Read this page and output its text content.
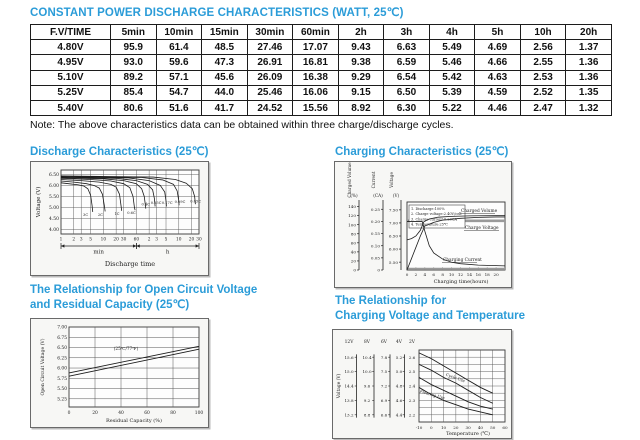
CONSTANT POWER DISCHARGE CHARACTERISTICS (WATT, 25℃)
F.V/TIME	5min	10min	15min	30min	60min	2h	3h	4h	5h	10h	20h
4.80V	95.9	61.4	48.5	27.46	17.07	9.43	6.63	5.49	4.69	2.56	1.37
4.95V	93.0	59.6	47.3	26.91	16.81	9.38	6.59	5.46	4.66	2.55	1.36
5.10V	89.2	57.1	45.6	26.09	16.38	9.29	6.54	5.42	4.63	2.53	1.36
5.25V	85.4	54.7	44.0	25.46	16.06	9.15	6.50	5.39	4.59	2.52	1.35
5.40V	80.6	51.6	41.7	24.52	15.56	8.92	6.30	5.22	4.46	2.47	1.32
Note: The above characteristics data can be obtained within three charge/discharge cycles.
Discharge Characteristics (25℃)	Charging Characteristics (25℃)
The Relationship for Open Circuit Voltage
and Residual Capacity (25℃)	The Relationship for
Charging Voltage and Temperature
4.00
4.50
5.00
5.50
6.00
6.50
1 2 3 5 10 20 30 60 2 3 5 10 20 30
3C	2C	1C 0.6C
0.4C 0.25C 0.17C 0.09C 0.05C
min	h
Discharge time
Voltage (V)
Charged Volume
(%)
0
20
40
60
80
100
120
140
Current
(CA)
0
0.05
0.10
0.15
0.20
0.25
Voltage
(V)
5.50
6.00
6.50
7.00
7.50
0 2 4 6 8 10 12 14 16 18 20
1. Discharge:100%
2. Charge voltage:2.40V/cell
3. Charge current:0.20CA
4. Temperature:25℃
Charged Volume
Charge Voltage
Charging Current
Charging time(hours)
5.25
5.50
5.75
6.00
6.25
6.50
6.75
7.00
0	20	40	60	80	100
(25℃/77℉)
Residual Capacity (%)
Open Circuit Voltage (V)	Voltage (V)
12V
15.6
15.0
14.4
13.8
13.2
8V
10.4
10.0
9.6
9.2
8.8
6V
7.8
7.5
7.2
6.9
6.6
4V
5.2
5.0
4.8
4.6
4.4
2V
2.6
2.5
2.4
2.3
2.2
-10 0 10 20 30 40 50 60
Cycle Use
Floating Use
Temperature (℃)
